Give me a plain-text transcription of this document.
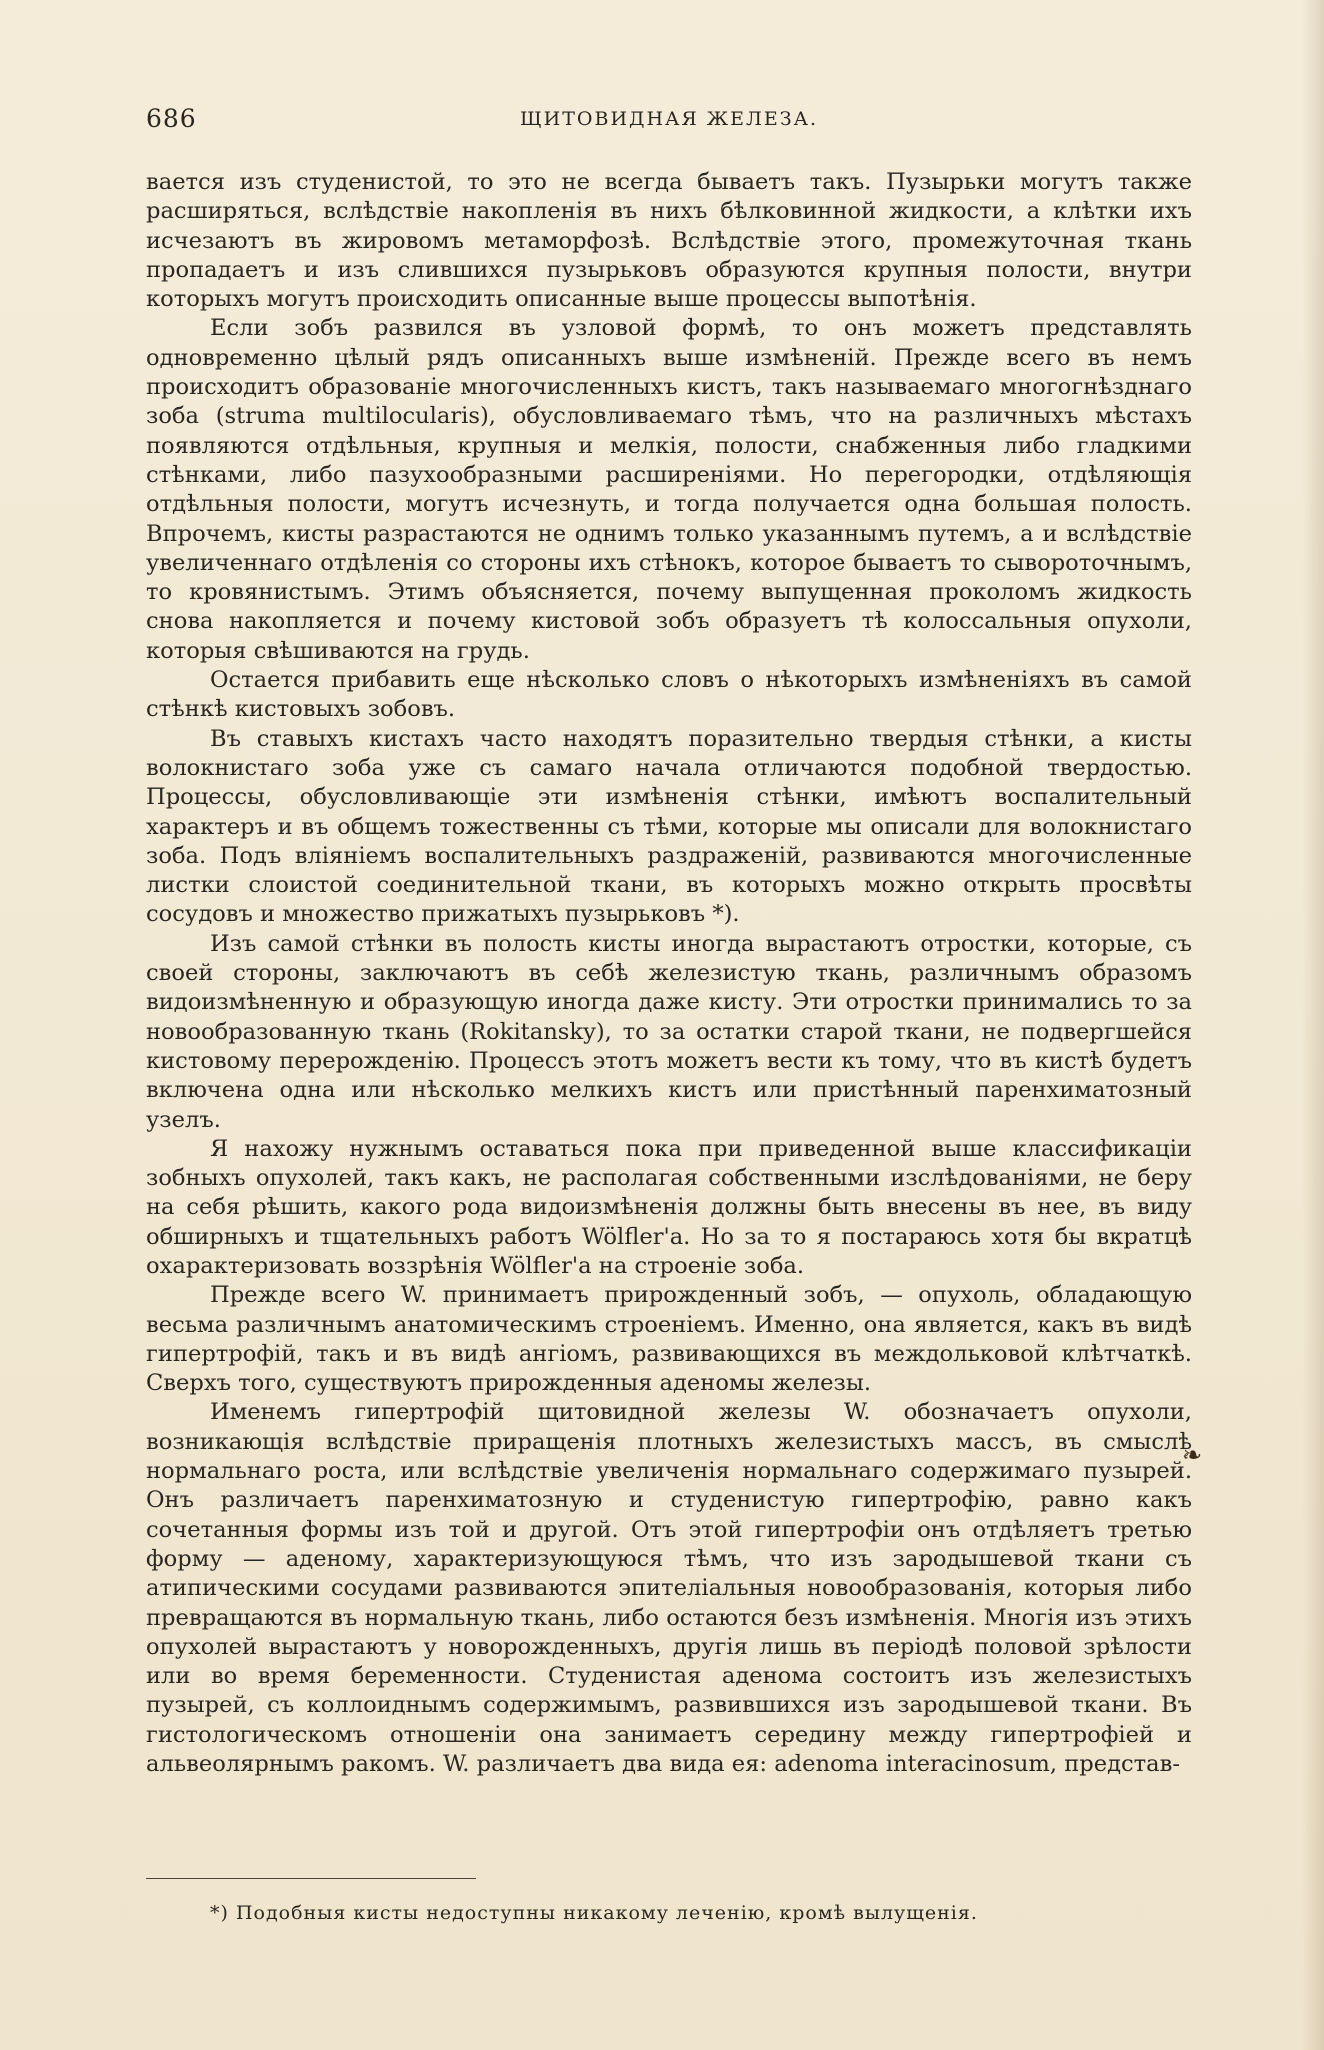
686	ЩИТОВИДНАЯ ЖЕЛЕЗА.

вается изъ студенистой, то это не всегда бываетъ такъ. Пузырьки могутъ также расширяться, вслѣдствіе накопленія въ нихъ бѣлковинной жидкости, а клѣтки ихъ исчезаютъ въ жировомъ метаморфозѣ. Вслѣдствіе этого, промежуточная ткань пропадаетъ и изъ слившихся пузырьковъ образуются крупныя полости, внутри которыхъ могутъ происходить описанные выше процессы выпотѣнія.

Если зобъ развился въ узловой формѣ, то онъ можетъ представлять одновременно цѣлый рядъ описанныхъ выше измѣненій. Прежде всего въ немъ происходитъ образованіе многочисленныхъ кистъ, такъ называемаго многогнѣзднаго зоба (struma multilocularis), обусловливаемаго тѣмъ, что на различныхъ мѣстахъ появляются отдѣльныя, крупныя и мелкія, полости, снабженныя либо гладкими стѣнками, либо пазухообразными расширеніями. Но перегородки, отдѣляющія отдѣльныя полости, могутъ исчезнуть, и тогда получается одна большая полость. Впрочемъ, кисты разрастаются не однимъ только указаннымъ путемъ, а и вслѣдствіе увеличеннаго отдѣленія со стороны ихъ стѣнокъ, которое бываетъ то сывороточнымъ, то кровянистымъ. Этимъ объясняется, почему выпущенная проколомъ жидкость снова накопляется и почему кистовой зобъ образуетъ тѣ колоссальныя опухоли, которыя свѣшиваются на грудь.

Остается прибавить еще нѣсколько словъ о нѣкоторыхъ измѣненіяхъ въ самой стѣнкѣ кистовыхъ зобовъ.

Въ ставыхъ кистахъ часто находятъ поразительно твердыя стѣнки, а кисты волокнистаго зоба уже съ самаго начала отличаются подобной твердостью. Процессы, обусловливающіе эти измѣненія стѣнки, имѣютъ воспалительный характеръ и въ общемъ тожественны съ тѣми, которые мы описали для волокнистаго зоба. Подъ вліяніемъ воспалительныхъ раздраженій, развиваются многочисленные листки слоистой соединительной ткани, въ которыхъ можно открыть просвѣты сосудовъ и множество прижатыхъ пузырьковъ *).

Изъ самой стѣнки въ полость кисты иногда вырастаютъ отростки, которые, съ своей стороны, заключаютъ въ себѣ железистую ткань, различнымъ образомъ видоизмѣненную и образующую иногда даже кисту. Эти отростки принимались то за новообразованную ткань (Rokitansky), то за остатки старой ткани, не подвергшейся кистовому перерожденію. Процессъ этотъ можетъ вести къ тому, что въ кистѣ будетъ включена одна или нѣсколько мелкихъ кистъ или пристѣнный паренхиматозный узелъ.

Я нахожу нужнымъ оставаться пока при приведенной выше классификаціи зобныхъ опухолей, такъ какъ, не располагая собственными изслѣдованіями, не беру на себя рѣшить, какого рода видоизмѣненія должны быть внесены въ нее, въ виду обширныхъ и тщательныхъ работъ Wölfler'а. Но за то я постараюсь хотя бы вкратцѣ охарактеризовать воззрѣнія Wölfler'а на строеніе зоба.

Прежде всего W. принимаетъ прирожденный зобъ, — опухоль, обладающую весьма различнымъ анатомическимъ строеніемъ. Именно, она является, какъ въ видѣ гипертрофій, такъ и въ видѣ ангіомъ, развивающихся въ междольковой клѣтчаткѣ. Сверхъ того, существуютъ прирожденныя аденомы железы.

Именемъ гипертрофій щитовидной железы W. обозначаетъ опухоли, возникающія вслѣдствіе приращенія плотныхъ железистыхъ массъ, въ смыслѣ нормальнаго роста, или вслѣдствіе увеличенія нормальнаго содержимаго пузырей. Онъ различаетъ паренхиматозную и студенистую гипертрофію, равно какъ сочетанныя формы изъ той и другой. Отъ этой гипертрофіи онъ отдѣляетъ третью форму — аденому, характеризующуюся тѣмъ, что изъ зародышевой ткани съ атипическими сосудами развиваются эпителіальныя новообразованія, которыя либо превращаются въ нормальную ткань, либо остаются безъ измѣненія. Многія изъ этихъ опухолей вырастаютъ у новорожденныхъ, другія лишь въ періодѣ половой зрѣлости или во время беременности. Студенистая аденома состоитъ изъ железистыхъ пузырей, съ коллоиднымъ содержимымъ, развившихся изъ зародышевой ткани. Въ гистологическомъ отношеніи она занимаетъ середину между гипертрофіей и альвеолярнымъ ракомъ. W. различаетъ два вида ея: adenoma interacinosum, представ-

❧
*) Подобныя кисты недоступны никакому леченію, кромѣ вылущенія.
